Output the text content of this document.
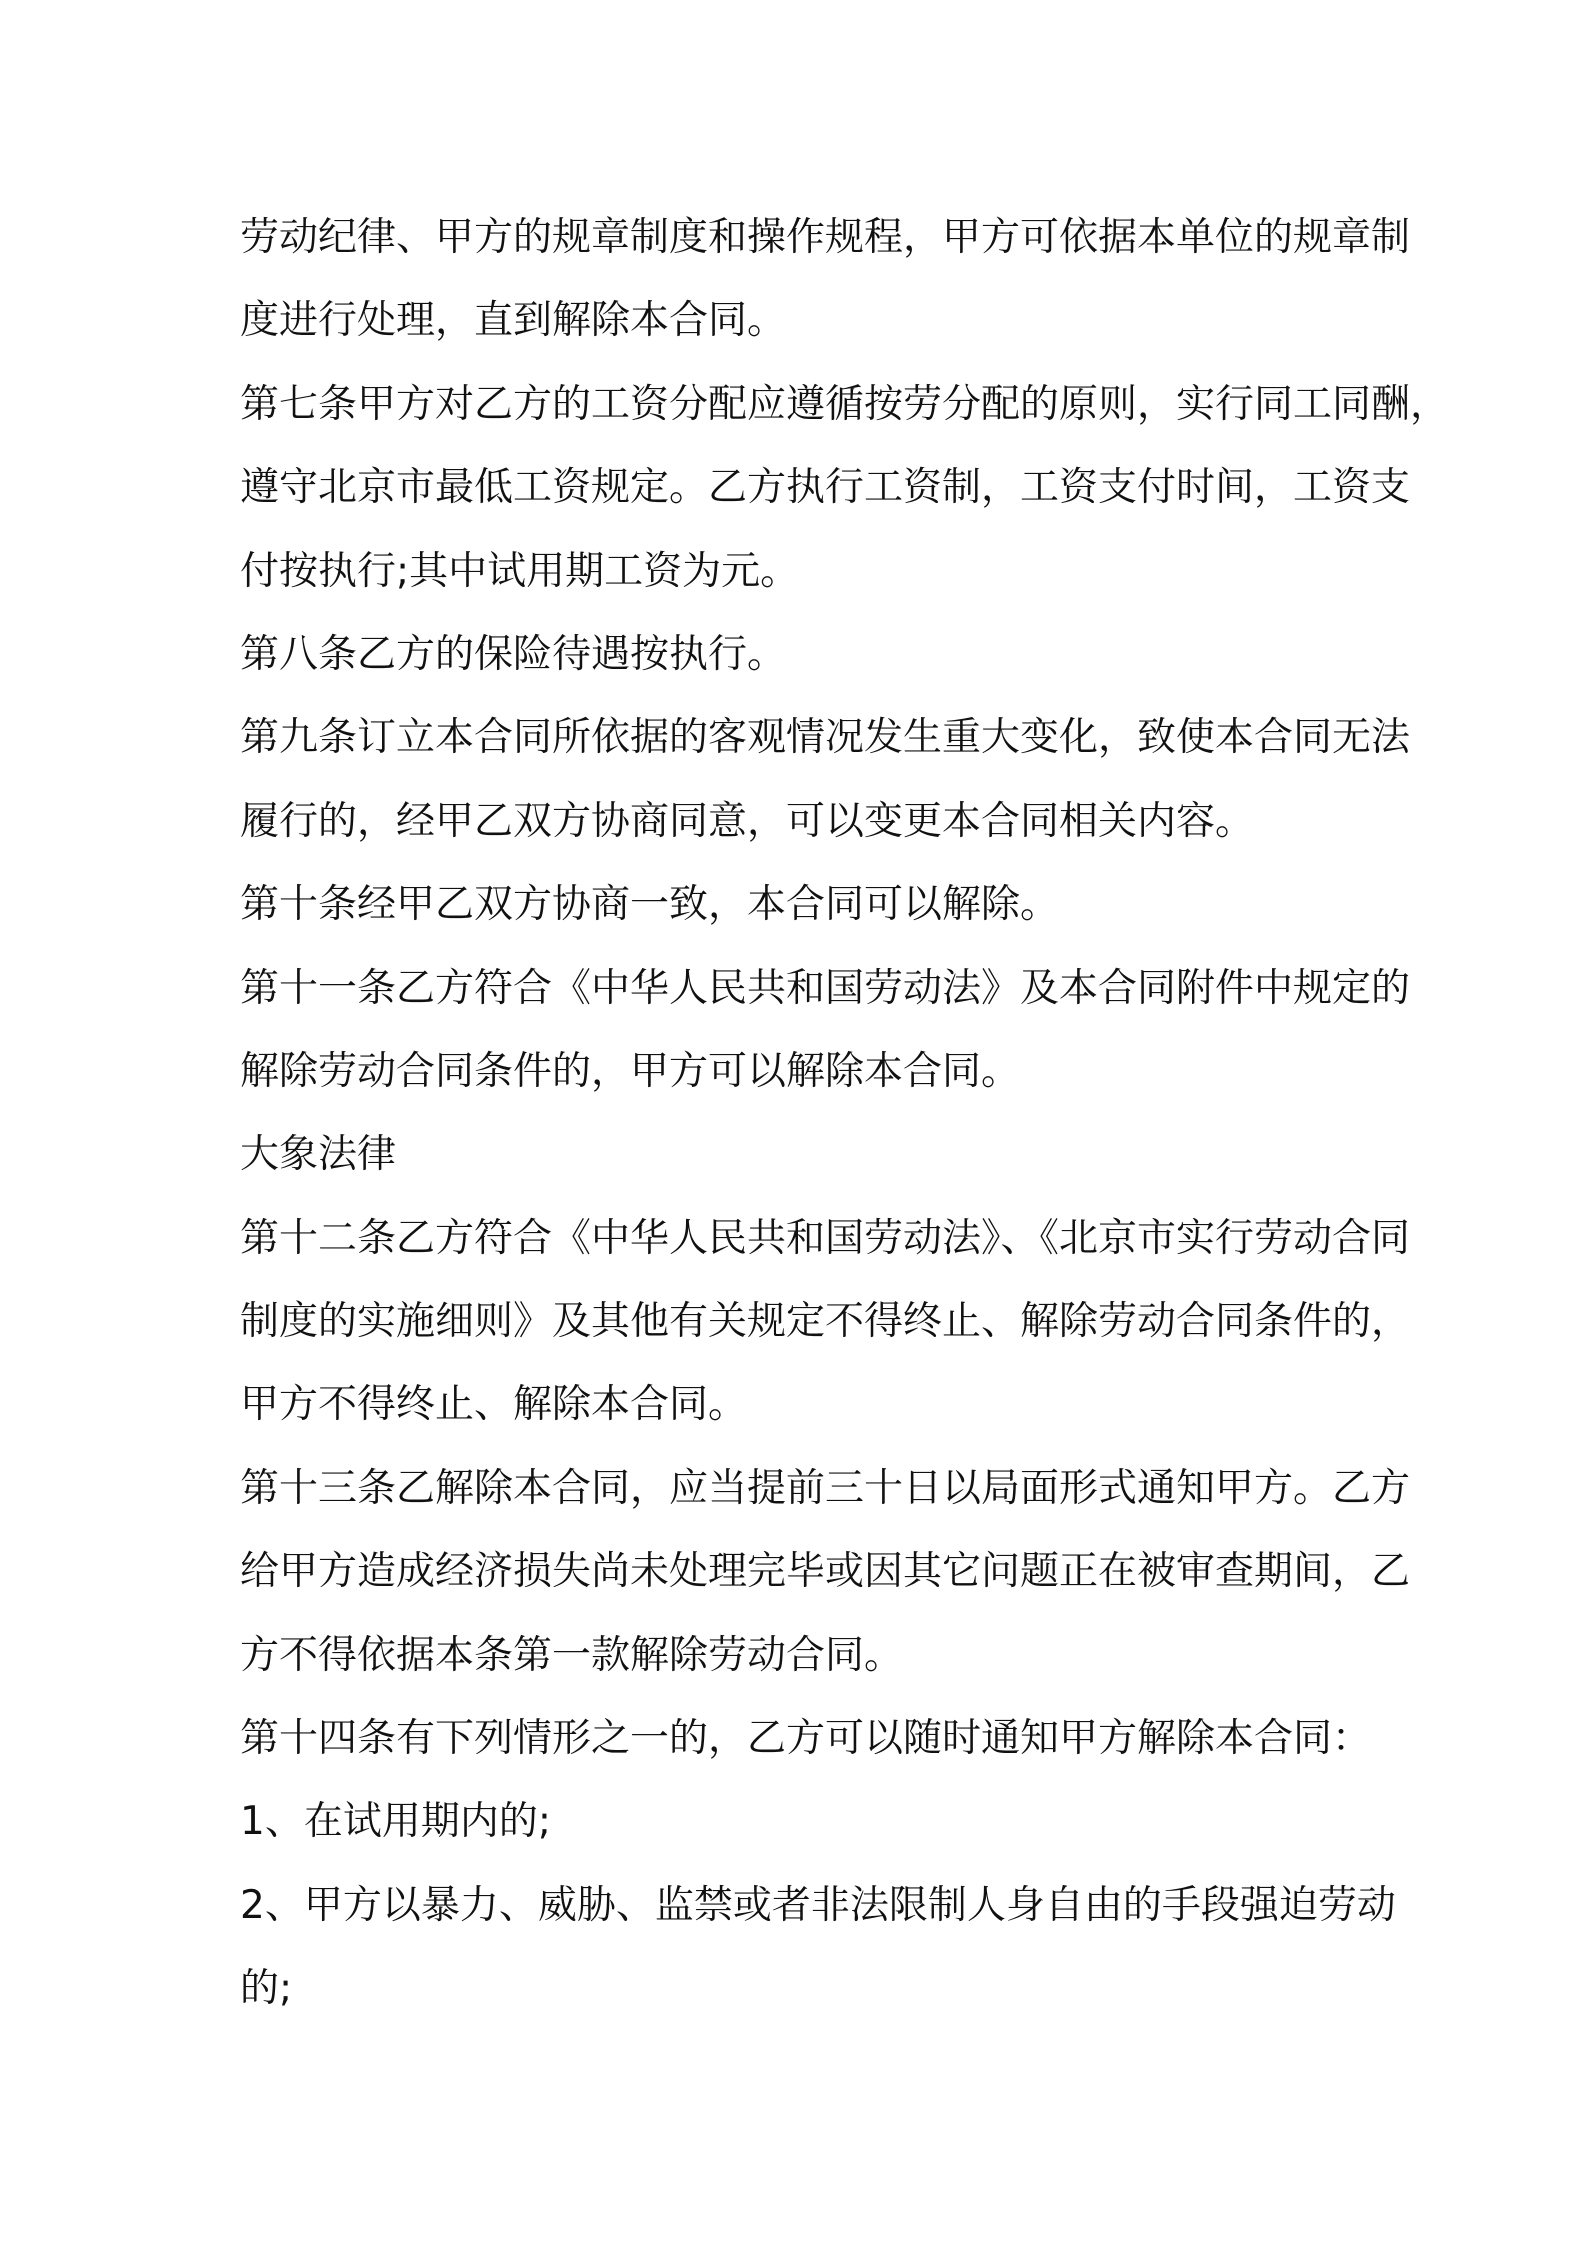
劳动纪律、甲方的规章制度和操作规程，甲方可依据本单位的规章制
度进行处理，直到解除本合同。
第七条甲方对乙方的工资分配应遵循按劳分配的原则，实行同工同酬，
遵守北京市最低工资规定。乙方执行工资制，工资支付时间，工资支
付按执行;其中试用期工资为元。
第八条乙方的保险待遇按执行。
第九条订立本合同所依据的客观情况发生重大变化，致使本合同无法
履行的，经甲乙双方协商同意，可以变更本合同相关内容。
第十条经甲乙双方协商一致，本合同可以解除。
第十一条乙方符合《中华人民共和国劳动法》及本合同附件中规定的
解除劳动合同条件的，甲方可以解除本合同。
大象法律
第十二条乙方符合《中华人民共和国劳动法》、《北京市实行劳动合同
制度的实施细则》及其他有关规定不得终止、解除劳动合同条件的，
甲方不得终止、解除本合同。
第十三条乙解除本合同，应当提前三十日以局面形式通知甲方。乙方
给甲方造成经济损失尚未处理完毕或因其它问题正在被审查期间，乙
方不得依据本条第一款解除劳动合同。
第十四条有下列情形之一的，乙方可以随时通知甲方解除本合同：
1、在试用期内的;
2、甲方以暴力、威胁、监禁或者非法限制人身自由的手段强迫劳动
的;
